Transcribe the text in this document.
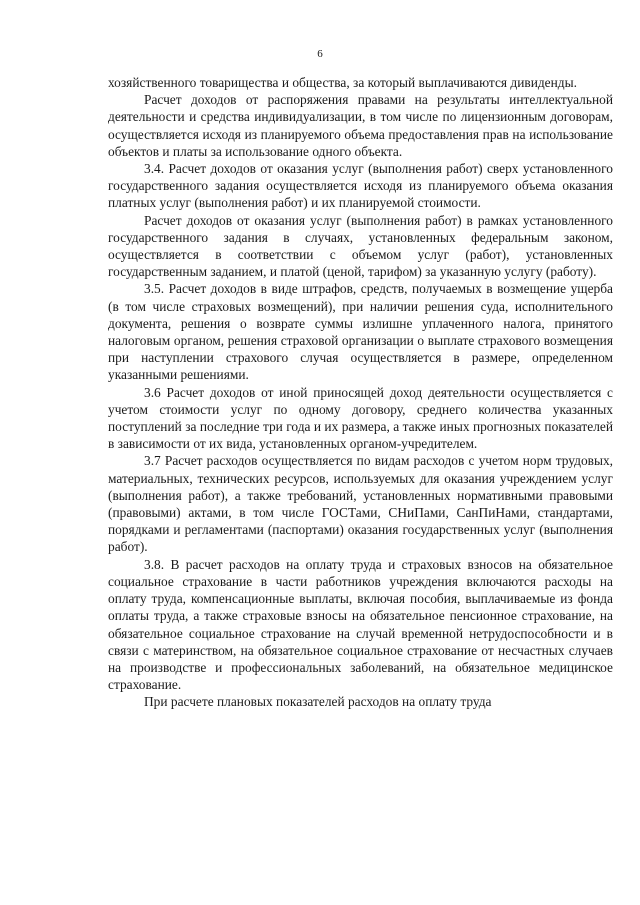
6

хозяйственного товарищества и общества, за который выплачиваются дивиденды.

Расчет доходов от распоряжения правами на результаты интеллектуальной деятельности и средства индивидуализации, в том числе по лицензионным договорам, осуществляется исходя из планируемого объема предоставления прав на использование объектов и платы за использование одного объекта.

3.4. Расчет доходов от оказания услуг (выполнения работ) сверх установленного государственного задания осуществляется исходя из планируемого объема оказания платных услуг (выполнения работ) и их планируемой стоимости.

Расчет доходов от оказания услуг (выполнения работ) в рамках установленного государственного задания в случаях, установленных федеральным законом, осуществляется в соответствии с объемом услуг (работ), установленных государственным заданием, и платой (ценой, тарифом) за указанную услугу (работу).

3.5. Расчет доходов в виде штрафов, средств, получаемых в возмещение ущерба (в том числе страховых возмещений), при наличии решения суда, исполнительного документа, решения о возврате суммы излишне уплаченного налога, принятого налоговым органом, решения страховой организации о выплате страхового возмещения при наступлении страхового случая осуществляется в размере, определенном указанными решениями.

3.6 Расчет доходов от иной приносящей доход деятельности осуществляется с учетом стоимости услуг по одному договору, среднего количества указанных поступлений за последние три года и их размера, а также иных прогнозных показателей в зависимости от их вида, установленных органом-учредителем.

3.7 Расчет расходов осуществляется по видам расходов с учетом норм трудовых, материальных, технических ресурсов, используемых для оказания учреждением услуг (выполнения работ), а также требований, установленных нормативными правовыми (правовыми) актами, в том числе ГОСТами, СНиПами, СанПиНами, стандартами, порядками и регламентами (паспортами) оказания государственных услуг (выполнения работ).

3.8. В расчет расходов на оплату труда и страховых взносов на обязательное социальное страхование в части работников учреждения включаются расходы на оплату труда, компенсационные выплаты, включая пособия, выплачиваемые из фонда оплаты труда, а также страховые взносы на обязательное пенсионное страхование, на обязательное социальное страхование на случай временной нетрудоспособности и в связи с материнством, на обязательное социальное страхование от несчастных случаев на производстве и профессиональных заболеваний, на обязательное медицинское страхование.

При расчете плановых показателей расходов на оплату труда
